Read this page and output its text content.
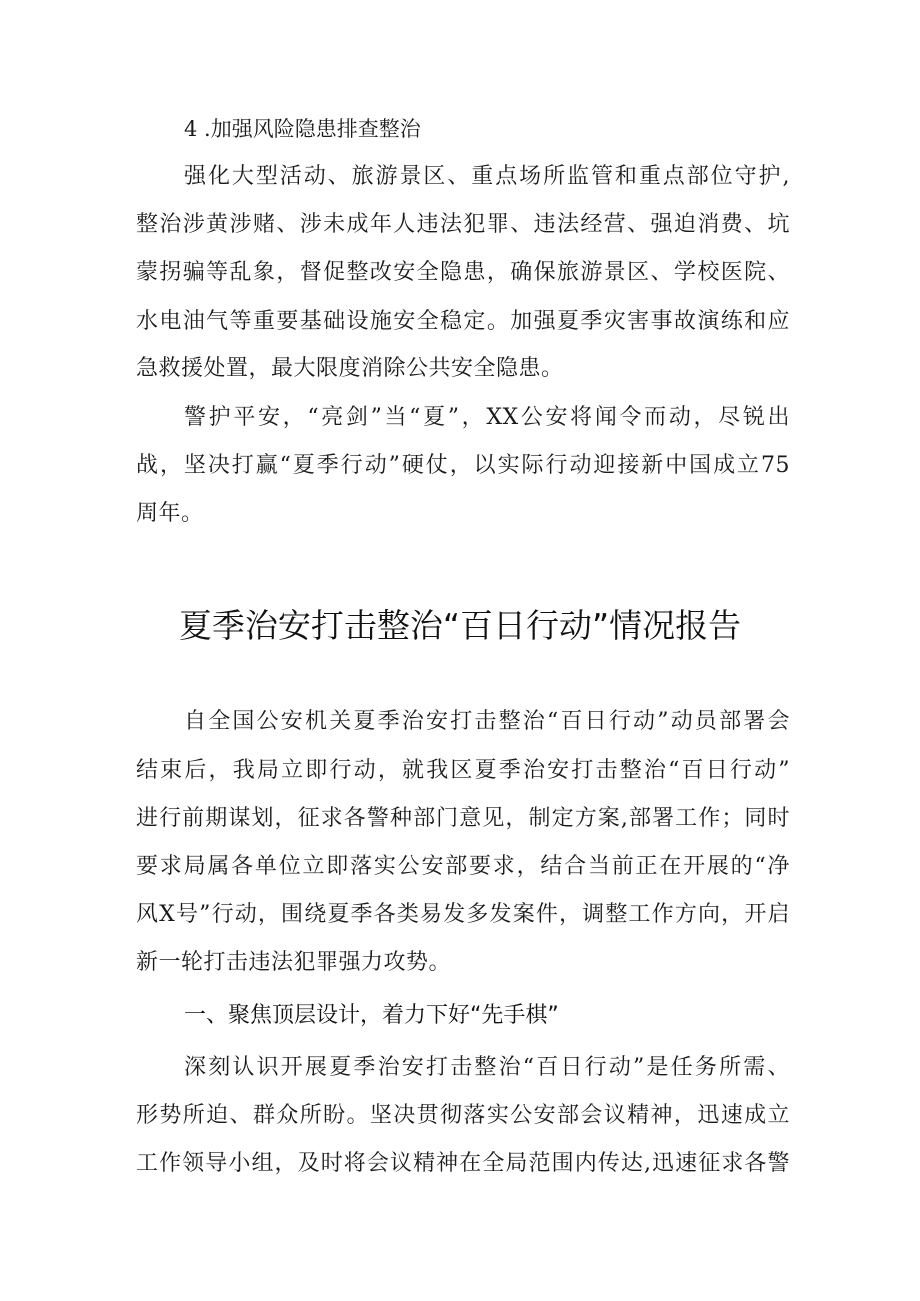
4 .加强风险隐患排查整治
强化大型活动、旅游景区、重点场所监管和重点部位守护,
整治涉黄涉赌、涉未成年人违法犯罪、违法经营、强迫消费、坑
蒙拐骗等乱象，督促整改安全隐患，确保旅游景区、学校医院、
水电油气等重要基础设施安全稳定。加强夏季灾害事故演练和应
急救援处置，最大限度消除公共安全隐患。
警护平安，“亮剑”当“夏”，XX公安将闻令而动，尽锐出
战，坚决打赢“夏季行动”硬仗，以实际行动迎接新中国成立75
周年。
夏季治安打击整治“百日行动”情况报告
自全国公安机关夏季治安打击整治“百日行动”动员部署会
结束后，我局立即行动，就我区夏季治安打击整治“百日行动”
进行前期谋划，征求各警种部门意见，制定方案,部署工作；同时
要求局属各单位立即落实公安部要求，结合当前正在开展的“净
风X号”行动，围绕夏季各类易发多发案件，调整工作方向，开启
新一轮打击违法犯罪强力攻势。
一、聚焦顶层设计，着力下好“先手棋”
深刻认识开展夏季治安打击整治“百日行动”是任务所需、
形势所迫、群众所盼。坚决贯彻落实公安部会议精神，迅速成立
工作领导小组，及时将会议精神在全局范围内传达,迅速征求各警
